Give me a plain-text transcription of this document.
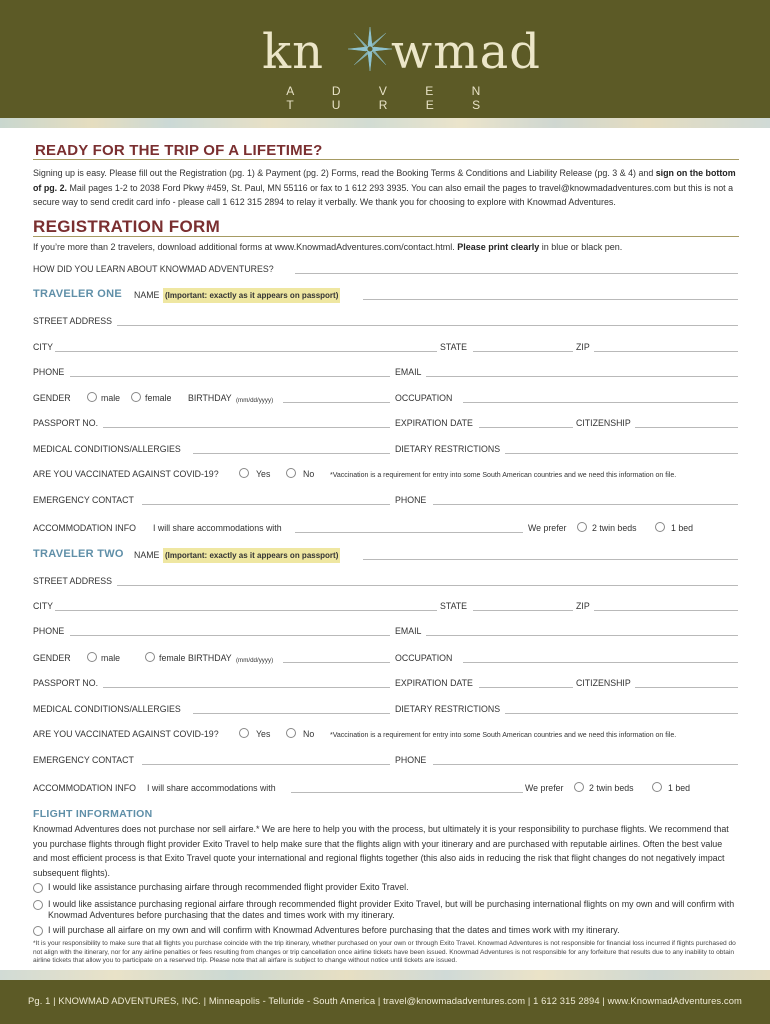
kn wmad
A D V E N T U R E S
READY FOR THE TRIP OF A LIFETIME?
Signing up is easy. Please fill out the Registration (pg. 1) & Payment (pg. 2) Forms, read the Booking Terms & Conditions and Liability Release (pg. 3 & 4) and sign on the bottom of pg. 2. Mail pages 1-2 to 2038 Ford Pkwy #459, St. Paul, MN 55116 or fax to 1 612 293 3935. You can also email the pages to travel@knowmadadventures.com but this is not a secure way to send credit card info - please call 1 612 315 2894 to relay it verbally. We thank you for choosing to explore with Knowmad Adventures.
REGISTRATION FORM
If you’re more than 2 travelers, download additional forms at www.KnowmadAdventures.com/contact.html. Please print clearly in blue or black pen.
HOW DID YOU LEARN ABOUT KNOWMAD ADVENTURES?
TRAVELER ONE NAME (Important: exactly as it appears on passport)
STREET ADDRESS
CITY	STATE	ZIP
PHONE	EMAIL
GENDER	male	female BIRTHDAY (mm/dd/yyyy)	OCCUPATION
PASSPORT NO.	EXPIRATION DATE	CITIZENSHIP
MEDICAL CONDITIONS/ALLERGIES	DIETARY RESTRICTIONS
ARE YOU VACCINATED AGAINST COVID-19?	Yes	No *Vaccination is a requirement for entry into some South American countries and we need this information on file.
EMERGENCY CONTACT	PHONE
ACCOMMODATION INFO I will share accommodations with	We prefer	2 twin beds	1 bed
TRAVELER TWO NAME (Important: exactly as it appears on passport)
STREET ADDRESS
CITY	STATE	ZIP
PHONE	EMAIL
GENDER	male	female BIRTHDAY (mm/dd/yyyy)	OCCUPATION
PASSPORT NO.	EXPIRATION DATE	CITIZENSHIP
MEDICAL CONDITIONS/ALLERGIES	DIETARY RESTRICTIONS
ARE YOU VACCINATED AGAINST COVID-19?	Yes	No *Vaccination is a requirement for entry into some South American countries and we need this information on file.
EMERGENCY CONTACT	PHONE
ACCOMMODATION INFO I will share accommodations with	We prefer	2 twin beds	1 bed
FLIGHT INFORMATION
Knowmad Adventures does not purchase nor sell airfare.* We are here to help you with the process, but ultimately it is your responsibility to purchase flights. We recommend that you purchase flights through flight provider Exito Travel to help make sure that the flights align with your itinerary and are purchased with reputable airlines. Often the best value and most efficient process is that Exito Travel quote your international and regional flights together (this also aids in reducing the risk that flight changes do not negatively impact subsequent flights).
I would like assistance purchasing airfare through recommended flight provider Exito Travel.
I would like assistance purchasing regional airfare through recommended flight provider Exito Travel, but will be purchasing international flights on my own and will confirm with Knowmad Adventures before purchasing that the dates and times work with my itinerary.
I will purchase all airfare on my own and will confirm with Knowmad Adventures before purchasing that the dates and times work with my itinerary.
*It is your responsibility to make sure that all flights you purchase coincide with the trip itinerary, whether purchased on your own or through Exito Travel. Knowmad Adventures is not responsible for financial loss incurred if flights purchased do not align with the itinerary, nor for any airline penalties or fees resulting from changes or trip cancellation once airline tickets have been issued. Knowmad Adventures is not responsible for any forfeiture that results due to any inability to obtain airline tickets that allow you to participate on a reserved trip. Please note that all airfare is subject to change without notice until tickets are issued.
Pg. 1 | KNOWMAD ADVENTURES, INC. | Minneapolis - Telluride - South America | travel@knowmadadventures.com | 1 612 315 2894 | www.KnowmadAdventures.com
